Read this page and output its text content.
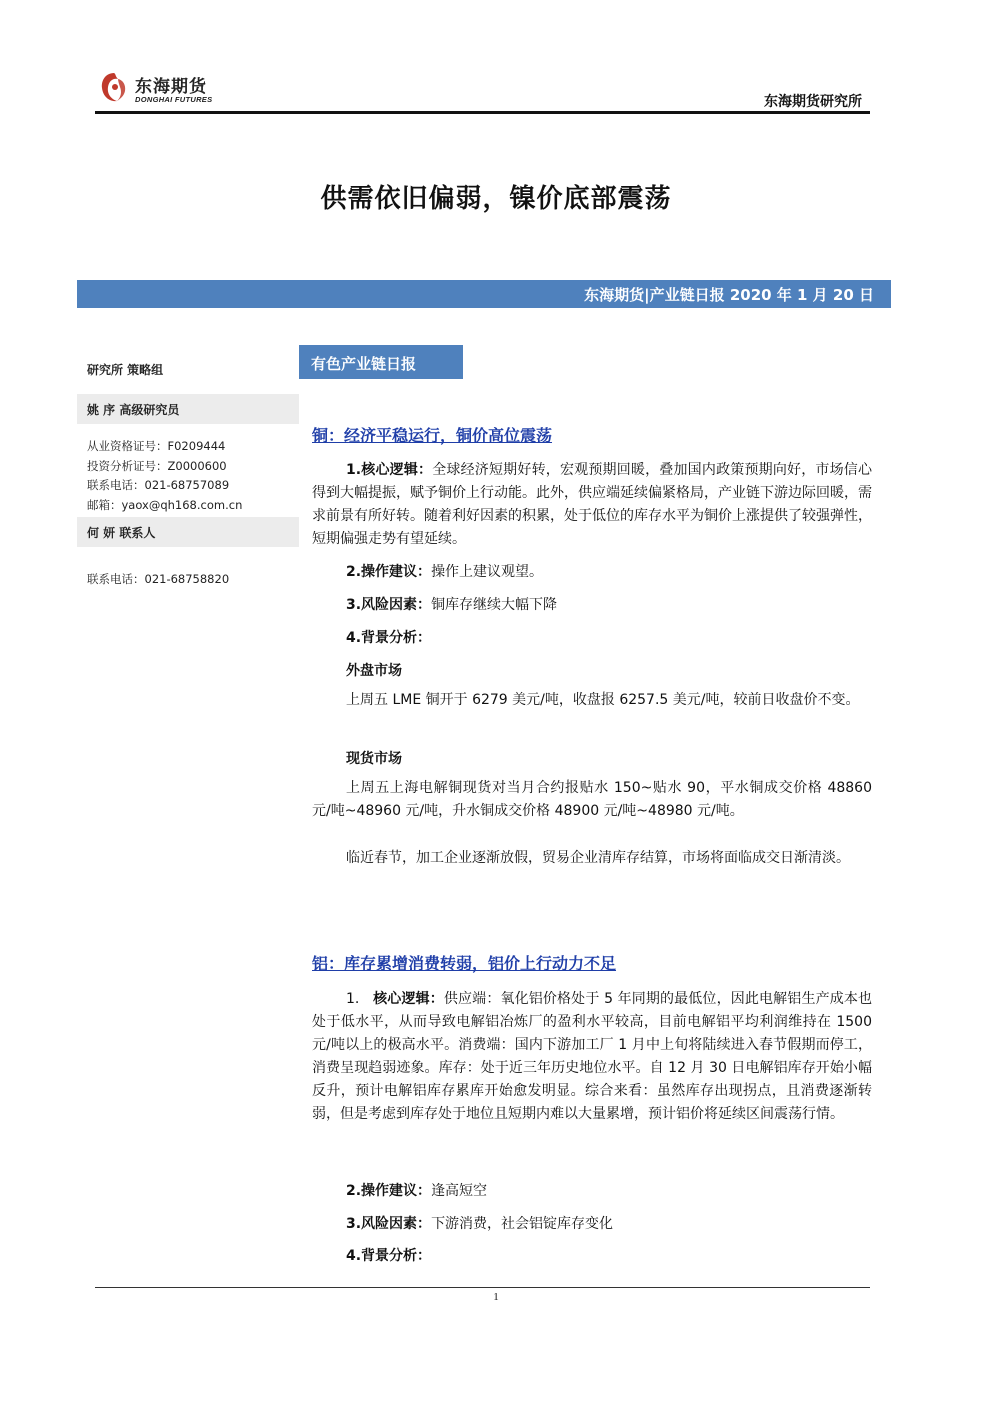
东海期货
DONGHAI FUTURES	东海期货研究所
供需依旧偏弱，镍价底部震荡
东海期货|产业链日报 2020 年 1 月 20 日
研究所 策略组
姚 序 高级研究员
从业资格证号：F0209444
投资分析证号：Z0000600
联系电话：021-68757089
邮箱：yaox@qh168.com.cn
何 妍 联系人
联系电话：021-68758820
有色产业链日报
铜：经济平稳运行，铜价高位震荡
1.核心逻辑：全球经济短期好转，宏观预期回暖，叠加国内政策预期向好，市场信心得到大幅提振，赋予铜价上行动能。此外，供应端延续偏紧格局，产业链下游边际回暖，需求前景有所好转。随着利好因素的积累，处于低位的库存水平为铜价上涨提供了较强弹性，短期偏强走势有望延续。
2.操作建议：操作上建议观望。
3.风险因素：铜库存继续大幅下降
4.背景分析：
外盘市场
上周五 LME 铜开于 6279 美元/吨，收盘报 6257.5 美元/吨，较前日收盘价不变。
现货市场
上周五上海电解铜现货对当月合约报贴水 150~贴水 90，平水铜成交价格 48860 元/吨~48960 元/吨，升水铜成交价格 48900 元/吨~48980 元/吨。
临近春节，加工企业逐渐放假，贸易企业清库存结算，市场将面临成交日渐清淡。
铝：库存累增消费转弱，铝价上行动力不足
1. 核心逻辑：供应端：氧化铝价格处于 5 年同期的最低位，因此电解铝生产成本也处于低水平，从而导致电解铝冶炼厂的盈利水平较高，目前电解铝平均利润维持在 1500 元/吨以上的极高水平。消费端：国内下游加工厂 1 月中上旬将陆续进入春节假期而停工，消费呈现趋弱迹象。库存：处于近三年历史地位水平。自 12 月 30 日电解铝库存开始小幅反升，预计电解铝库存累库开始愈发明显。综合来看：虽然库存出现拐点，且消费逐渐转弱，但是考虑到库存处于地位且短期内难以大量累增，预计铝价将延续区间震荡行情。
2.操作建议：逢高短空
3.风险因素：下游消费，社会铝锭库存变化
4.背景分析：
1
